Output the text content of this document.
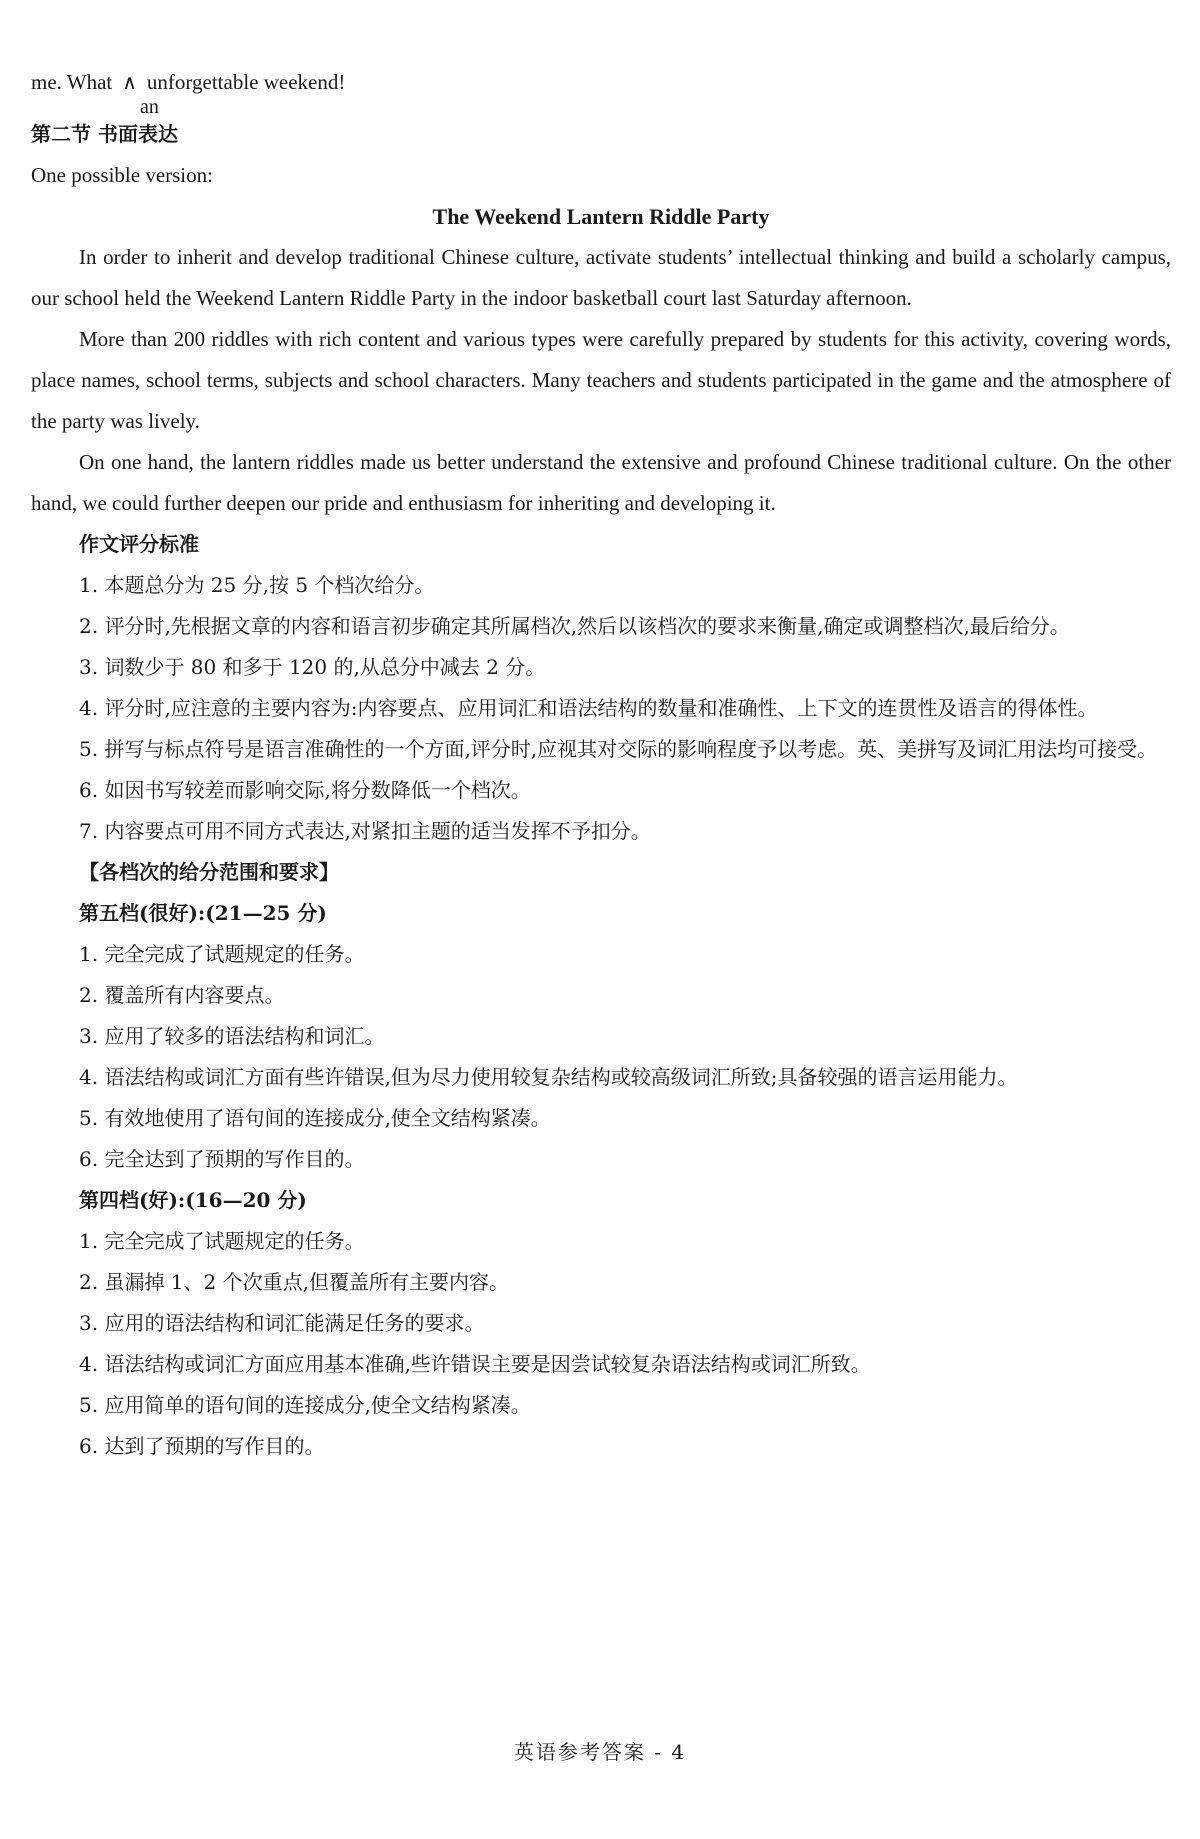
me. What ∧ unforgettable weekend!
an

第二节 书面表达

One possible version:

The Weekend Lantern Riddle Party

In order to inherit and develop traditional Chinese culture, activate students’ intellectual thinking and build a scholarly campus, our school held the Weekend Lantern Riddle Party in the indoor basketball court last Saturday afternoon.

More than 200 riddles with rich content and various types were carefully prepared by students for this activity, covering words, place names, school terms, subjects and school characters. Many teachers and students participated in the game and the atmosphere of the party was lively.

On one hand, the lantern riddles made us better understand the extensive and profound Chinese traditional culture. On the other hand, we could further deepen our pride and enthusiasm for inheriting and developing it.

作文评分标准

1. 本题总分为 25 分,按 5 个档次给分。

2. 评分时,先根据文章的内容和语言初步确定其所属档次,然后以该档次的要求来衡量,确定或调整档次,最后给分。

3. 词数少于 80 和多于 120 的,从总分中减去 2 分。

4. 评分时,应注意的主要内容为:内容要点、应用词汇和语法结构的数量和准确性、上下文的连贯性及语言的得体性。

5. 拼写与标点符号是语言准确性的一个方面,评分时,应视其对交际的影响程度予以考虑。英、美拼写及词汇用法均可接受。

6. 如因书写较差而影响交际,将分数降低一个档次。

7. 内容要点可用不同方式表达,对紧扣主题的适当发挥不予扣分。

【各档次的给分范围和要求】

第五档(很好):(21—25 分)

1. 完全完成了试题规定的任务。

2. 覆盖所有内容要点。

3. 应用了较多的语法结构和词汇。

4. 语法结构或词汇方面有些许错误,但为尽力使用较复杂结构或较高级词汇所致;具备较强的语言运用能力。

5. 有效地使用了语句间的连接成分,使全文结构紧凑。

6. 完全达到了预期的写作目的。

第四档(好):(16—20 分)

1. 完全完成了试题规定的任务。

2. 虽漏掉 1、2 个次重点,但覆盖所有主要内容。

3. 应用的语法结构和词汇能满足任务的要求。

4. 语法结构或词汇方面应用基本准确,些许错误主要是因尝试较复杂语法结构或词汇所致。

5. 应用简单的语句间的连接成分,使全文结构紧凑。

6. 达到了预期的写作目的。

英语参考答案 - 4
